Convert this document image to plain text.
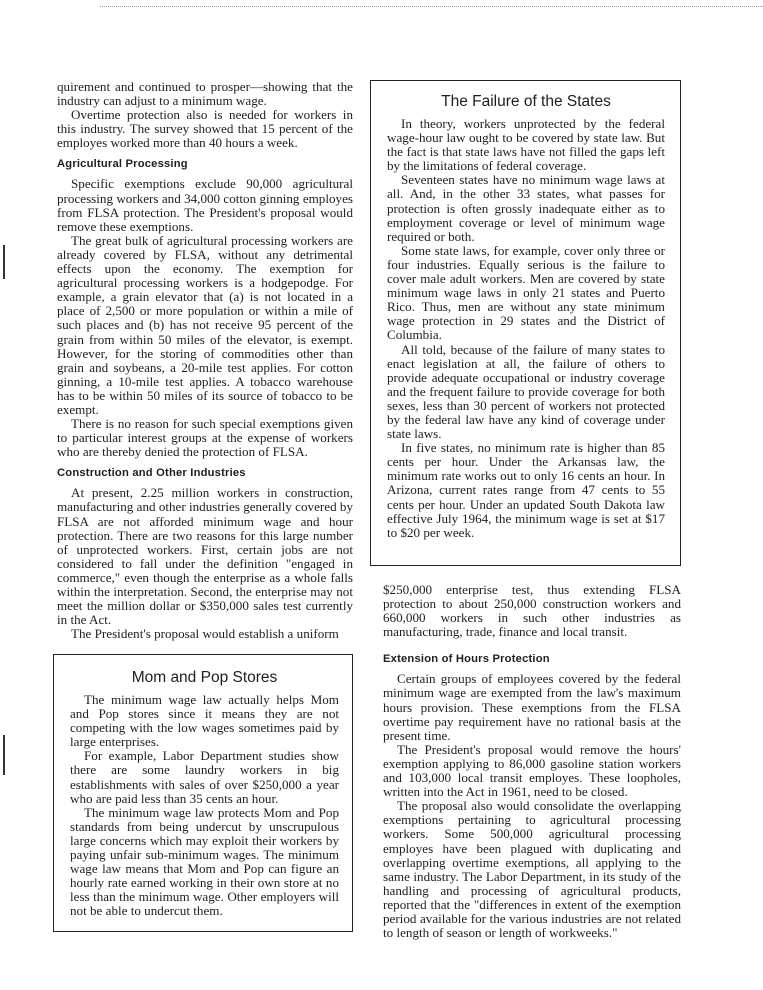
quirement and continued to prosper—showing that the industry can adjust to a minimum wage.

Overtime protection also is needed for workers in this industry. The survey showed that 15 percent of the employes worked more than 40 hours a week.

Agricultural Processing

Specific exemptions exclude 90,000 agricultural processing workers and 34,000 cotton ginning employes from FLSA protection. The President's proposal would remove these exemptions.

The great bulk of agricultural processing workers are already covered by FLSA, without any detrimental effects upon the economy. The exemption for agricultural processing workers is a hodgepodge. For example, a grain elevator that (a) is not located in a place of 2,500 or more population or within a mile of such places and (b) has not receive 95 percent of the grain from within 50 miles of the elevator, is exempt. However, for the storing of commodities other than grain and soybeans, a 20-mile test applies. For cotton ginning, a 10-mile test applies. A tobacco warehouse has to be within 50 miles of its source of tobacco to be exempt.

There is no reason for such special exemptions given to particular interest groups at the expense of workers who are thereby denied the protection of FLSA.

Construction and Other Industries

At present, 2.25 million workers in construction, manufacturing and other industries generally covered by FLSA are not afforded minimum wage and hour protection. There are two reasons for this large number of unprotected workers. First, certain jobs are not considered to fall under the definition "engaged in commerce," even though the enterprise as a whole falls within the interpretation. Second, the enterprise may not meet the million dollar or $350,000 sales test currently in the Act.

The President's proposal would establish a uniform

The Failure of the States

In theory, workers unprotected by the federal wage-hour law ought to be covered by state law. But the fact is that state laws have not filled the gaps left by the limitations of federal coverage.

Seventeen states have no minimum wage laws at all. And, in the other 33 states, what passes for protection is often grossly inadequate either as to employment coverage or level of minimum wage required or both.

Some state laws, for example, cover only three or four industries. Equally serious is the failure to cover male adult workers. Men are covered by state minimum wage laws in only 21 states and Puerto Rico. Thus, men are without any state minimum wage protection in 29 states and the District of Columbia.

All told, because of the failure of many states to enact legislation at all, the failure of others to provide adequate occupational or industry coverage and the frequent failure to provide coverage for both sexes, less than 30 percent of workers not protected by the federal law have any kind of coverage under state laws.

In five states, no minimum rate is higher than 85 cents per hour. Under the Arkansas law, the minimum rate works out to only 16 cents an hour. In Arizona, current rates range from 47 cents to 55 cents per hour. Under an updated South Dakota law effective July 1964, the minimum wage is set at $17 to $20 per week.

$250,000 enterprise test, thus extending FLSA protection to about 250,000 construction workers and 660,000 workers in such other industries as manufacturing, trade, finance and local transit.

Extension of Hours Protection

Certain groups of employees covered by the federal minimum wage are exempted from the law's maximum hours provision. These exemptions from the FLSA overtime pay requirement have no rational basis at the present time.

The President's proposal would remove the hours' exemption applying to 86,000 gasoline station workers and 103,000 local transit employes. These loopholes, written into the Act in 1961, need to be closed.

The proposal also would consolidate the overlapping exemptions pertaining to agricultural processing workers. Some 500,000 agricultural processing employes have been plagued with duplicating and overlapping overtime exemptions, all applying to the same industry. The Labor Department, in its study of the handling and processing of agricultural products, reported that the "differences in extent of the exemption period available for the various industries are not related to length of season or length of workweeks."

Mom and Pop Stores

The minimum wage law actually helps Mom and Pop stores since it means they are not competing with the low wages sometimes paid by large enterprises.

For example, Labor Department studies show there are some laundry workers in big establishments with sales of over $250,000 a year who are paid less than 35 cents an hour.

The minimum wage law protects Mom and Pop standards from being undercut by unscrupulous large concerns which may exploit their workers by paying unfair sub-minimum wages. The minimum wage law means that Mom and Pop can figure an hourly rate earned working in their own store at no less than the minimum wage. Other employers will not be able to undercut them.
